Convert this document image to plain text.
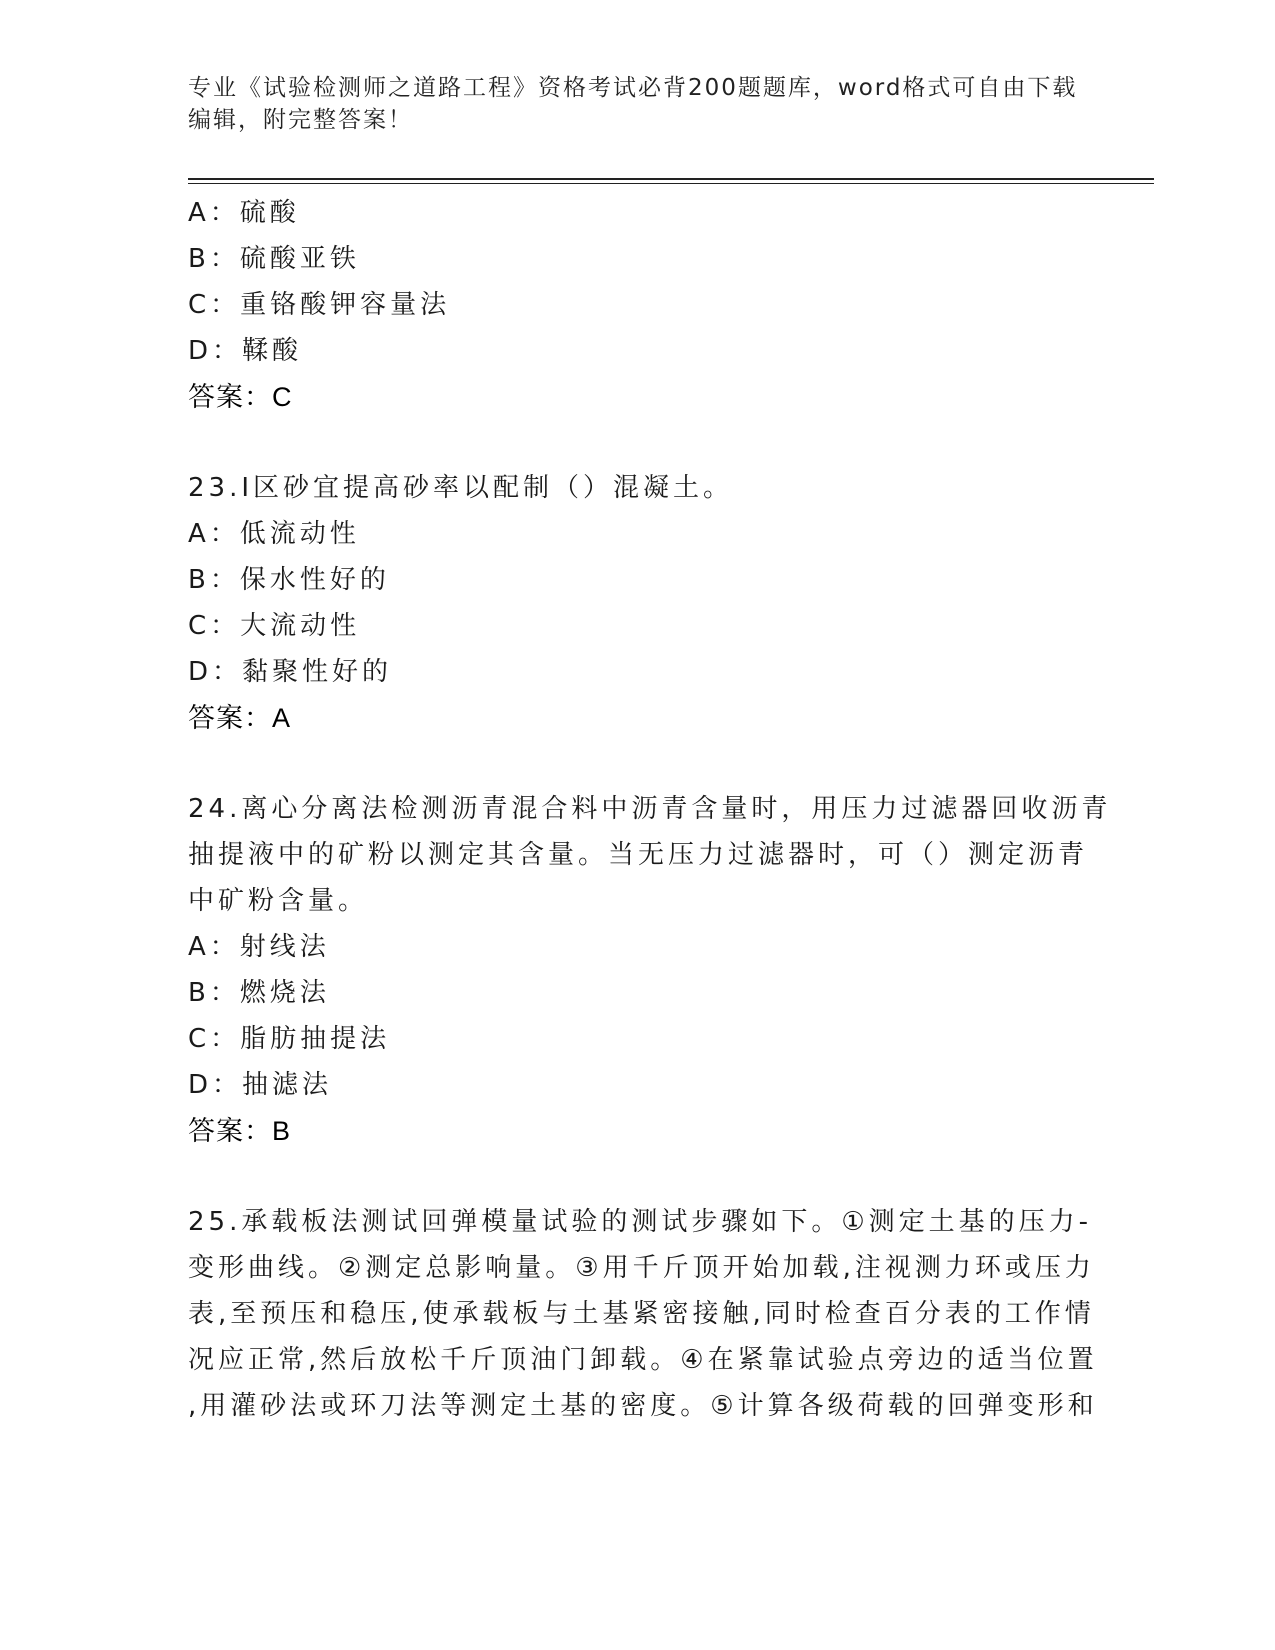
专业《试验检测师之道路工程》资格考试必背200题题库，word格式可自由下载
编辑，附完整答案！
A：硫酸
B：硫酸亚铁
C：重铬酸钾容量法
D：鞣酸
答案：C
23.Ⅰ区砂宜提高砂率以配制（）混凝土。
A：低流动性
B：保水性好的
C：大流动性
D：黏聚性好的
答案：A
24.离心分离法检测沥青混合料中沥青含量时，用压力过滤器回收沥青
抽提液中的矿粉以测定其含量。当无压力过滤器时，可（）测定沥青
中矿粉含量。
A：射线法
B：燃烧法
C：脂肪抽提法
D：抽滤法
答案：B
25.承载板法测试回弹模量试验的测试步骤如下。①测定土基的压力-
变形曲线。②测定总影响量。③用千斤顶开始加载,注视测力环或压力
表,至预压和稳压,使承载板与土基紧密接触,同时检查百分表的工作情
况应正常,然后放松千斤顶油门卸载。④在紧靠试验点旁边的适当位置
,用灌砂法或环刀法等测定土基的密度。⑤计算各级荷载的回弹变形和
